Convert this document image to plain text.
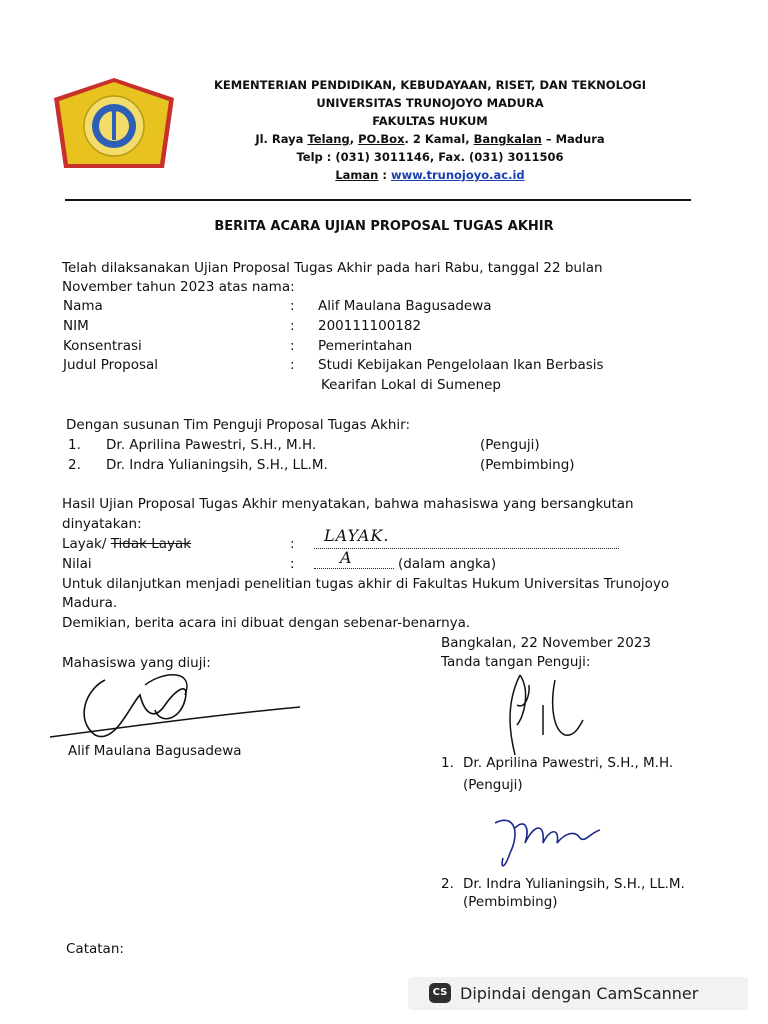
KEMENTERIAN PENDIDIKAN, KEBUDAYAAN, RISET, DAN TEKNOLOGI
UNIVERSITAS TRUNOJOYO MADURA
FAKULTAS HUKUM
Jl. Raya Telang, PO.Box. 2 Kamal, Bangkalan – Madura
Telp : (031) 3011146, Fax. (031) 3011506
Laman : www.trunojoyo.ac.id
BERITA ACARA UJIAN PROPOSAL TUGAS AKHIR
Telah dilaksanakan Ujian Proposal Tugas Akhir pada hari Rabu, tanggal 22 bulan
November tahun 2023 atas nama:
Nama	: Alif Maulana Bagusadewa
NIM	: 200111100182
Konsentrasi	: Pemerintahan
Judul Proposal	: Studi Kebijakan Pengelolaan Ikan Berbasis
Kearifan Lokal di Sumenep
Dengan susunan Tim Penguji Proposal Tugas Akhir:
1. Dr. Aprilina Pawestri, S.H., M.H.	(Penguji)
2. Dr. Indra Yulianingsih, S.H., LL.M.	(Pembimbing)
Hasil Ujian Proposal Tugas Akhir menyatakan, bahwa mahasiswa yang bersangkutan
dinyatakan:
Layak/ Tidak Layak	: LAYAK.
Nilai	:	A	(dalam angka)
Untuk dilanjutkan menjadi penelitian tugas akhir di Fakultas Hukum Universitas Trunojoyo
Madura.
Demikian, berita acara ini dibuat dengan sebenar-benarnya.
Bangkalan, 22 November 2023
Mahasiswa yang diuji:	Tanda tangan Penguji:
Alif Maulana Bagusadewa
1. Dr. Aprilina Pawestri, S.H., M.H.
(Penguji)
2. Dr. Indra Yulianingsih, S.H., LL.M.
(Pembimbing)
Catatan:
CS Dipindai dengan CamScanner
